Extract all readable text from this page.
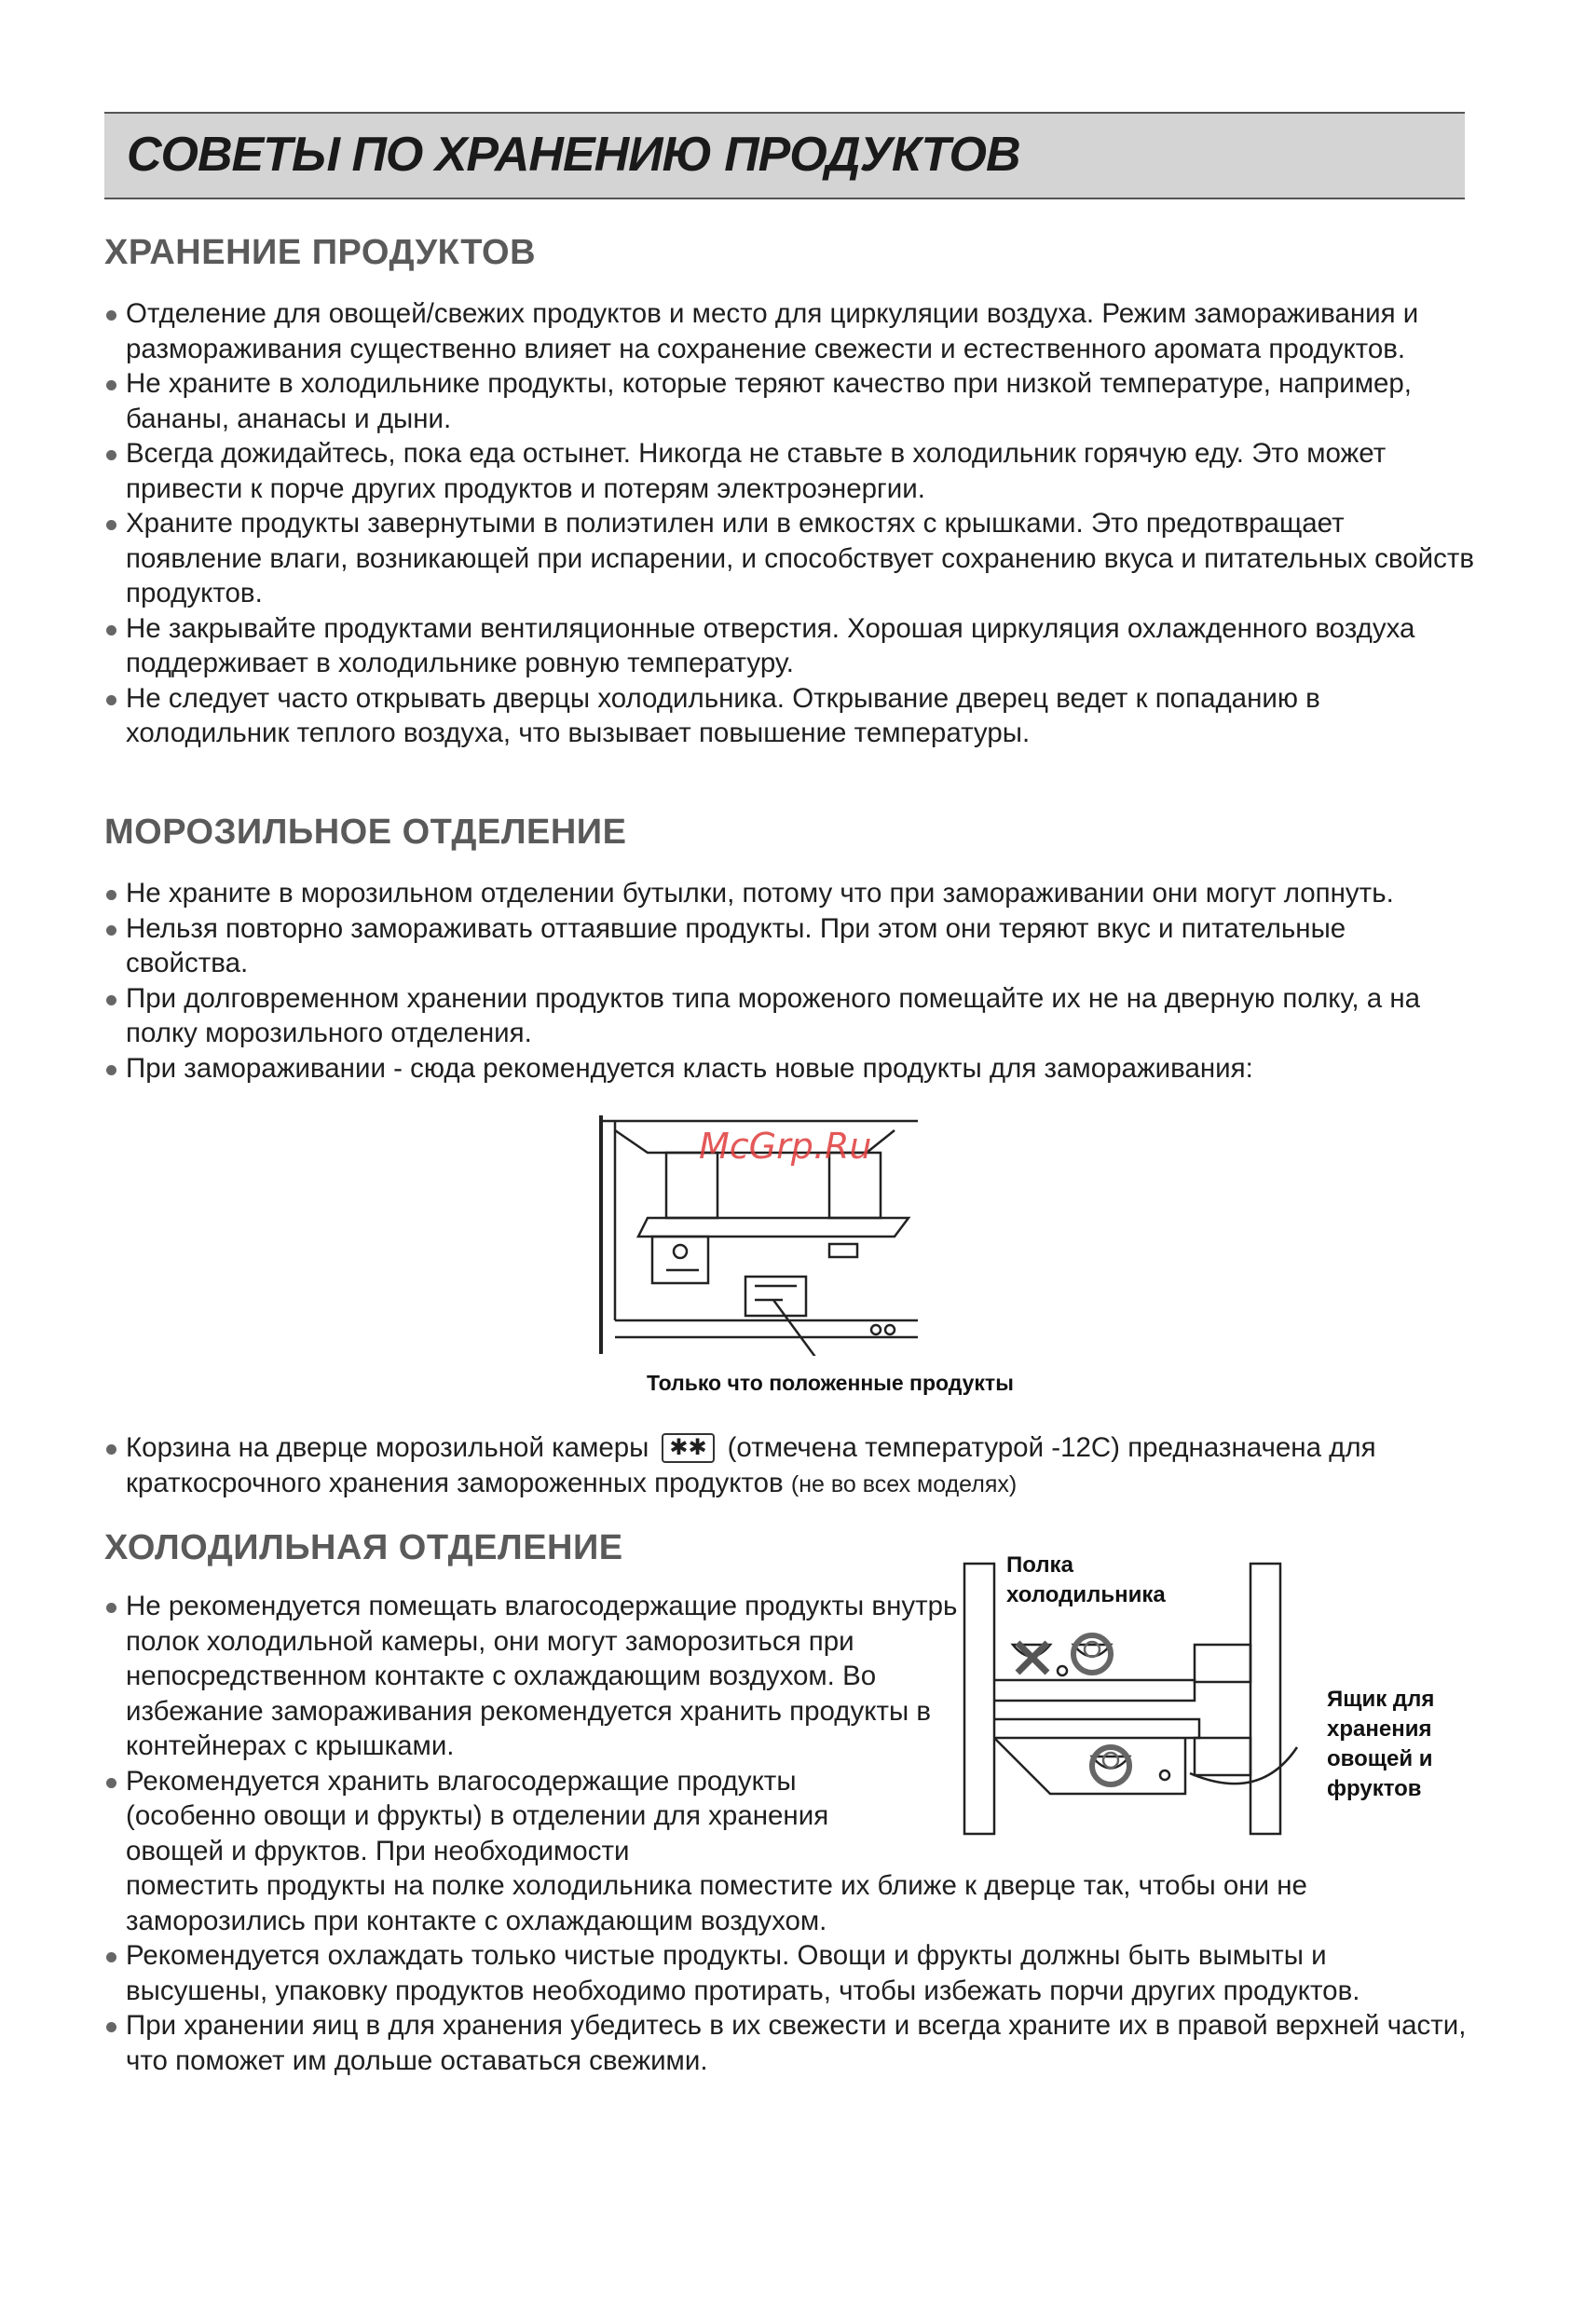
СОВЕТЫ ПО ХРАНЕНИЮ ПРОДУКТОВ
ХРАНЕНИЕ ПРОДУКТОВ
Отделение для овощей/свежих продуктов и место для циркуляции воздуха. Режим замораживания и размораживания существенно влияет на сохранение свежести и естественного аромата продуктов.
Не храните в холодильнике продукты, которые теряют качество при низкой температуре, например, бананы, ананасы и дыни.
Всегда дожидайтесь, пока еда остынет. Никогда не ставьте в холодильник горячую еду. Это может привести к порче других продуктов и потерям электроэнергии.
Храните продукты завернутыми в полиэтилен или в емкостях с крышками. Это предотвращает появление влаги, возникающей при испарении, и способствует сохранению вкуса и питательных свойств продуктов.
Не закрывайте продуктами вентиляционные отверстия. Хорошая циркуляция охлажденного воздуха поддерживает в холодильнике ровную температуру.
Не следует часто открывать дверцы холодильника. Открывание дверец ведет к попаданию в холодильник теплого воздуха, что вызывает повышение температуры.
МОРОЗИЛЬНОЕ ОТДЕЛЕНИЕ
Не храните в морозильном отделении бутылки, потому что при замораживании они могут лопнуть.
Нельзя повторно замораживать оттаявшие продукты. При этом они теряют вкус и питательные свойства.
При долговременном хранении продуктов типа мороженого помещайте их не на дверную полку, а на полку морозильного отделения.
При замораживании - сюда рекомендуется класть новые продукты для замораживания:
Только что положенные продукты
McGrp.Ru
Корзина на дверце морозильной камеры ✱✱ (отмечена температурой -12С) предназначена для краткосрочного хранения замороженных продуктов (не во всех моделях)
ХОЛОДИЛЬНАЯ ОТДЕЛЕНИЕ
Не рекомендуется помещать влагосодержащие продукты внутрь полок холодильной камеры, они могут заморозиться при непосредственном контакте с охлаждающим воздухом. Во избежание замораживания рекомендуется хранить продукты в контейнерах с крышками.
Рекомендуется хранить влагосодержащие продукты (особенно овощи и фрукты) в отделении для хранения овощей и фруктов. При необходимости
поместить продукты на полке холодильника поместите их ближе к дверце так, чтобы они не заморозились при контакте с охлаждающим воздухом.
Рекомендуется охлаждать только чистые продукты. Овощи и фрукты должны быть вымыты и высушены, упаковку продуктов необходимо протирать, чтобы избежать порчи других продуктов.
При хранении яиц в для хранения убедитесь в их свежести и всегда храните их в правой верхней части, что поможет им дольше оставаться свежими.
Полка холодильника
Ящик для хранения овощей и фруктов
